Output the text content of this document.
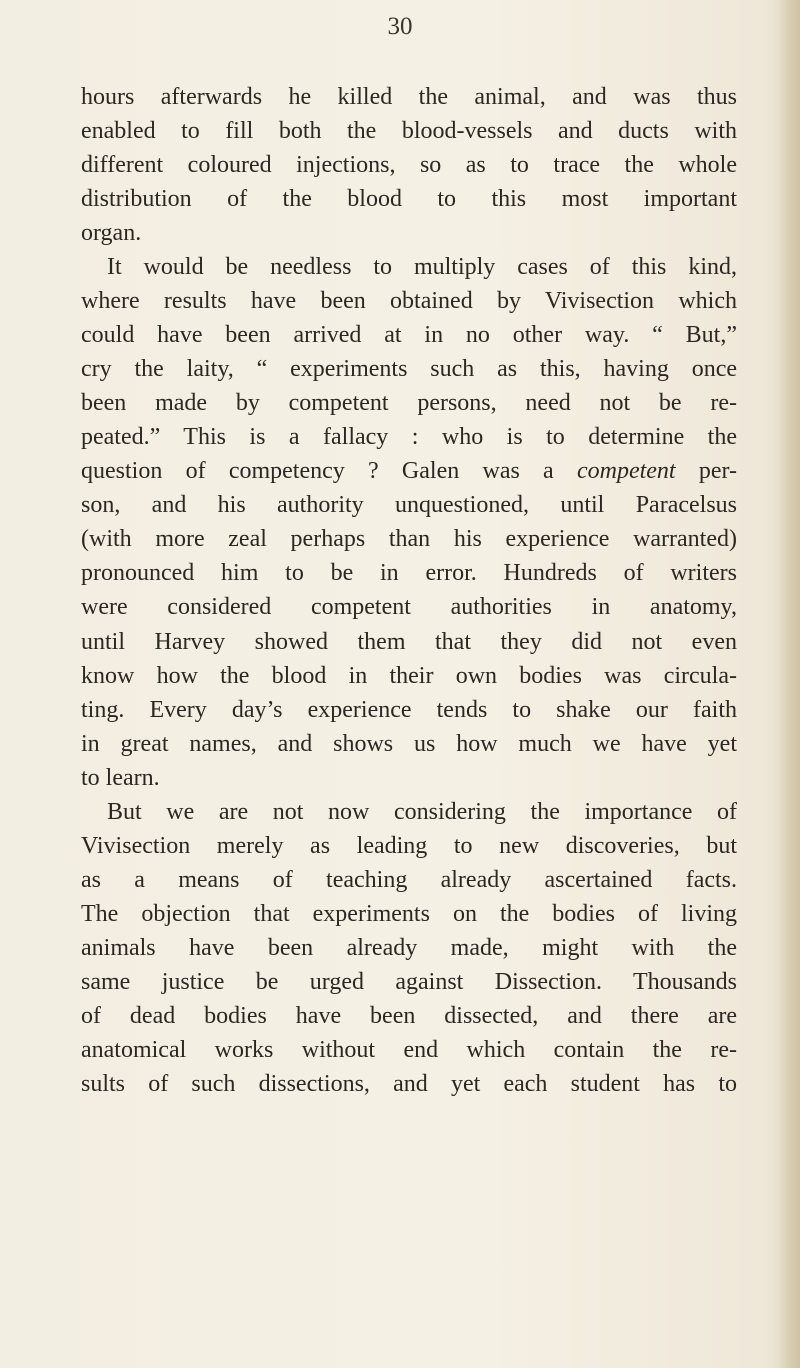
30
hours afterwards he killed the animal, and was thus
enabled to fill both the blood-vessels and ducts with
different coloured injections, so as to trace the whole
distribution of the blood to this most important
organ.
It would be needless to multiply cases of this kind,
where results have been obtained by Vivisection which
could have been arrived at in no other way. “ But,”
cry the laity, “ experiments such as this, having once
been made by competent persons, need not be re-
peated.” This is a fallacy : who is to determine the
question of competency ? Galen was a competent per-
son, and his authority unquestioned, until Paracelsus
(with more zeal perhaps than his experience warranted)
pronounced him to be in error. Hundreds of writers
were considered competent authorities in anatomy,
until Harvey showed them that they did not even
know how the blood in their own bodies was circula-
ting. Every day’s experience tends to shake our faith
in great names, and shows us how much we have yet
to learn.
But we are not now considering the importance of
Vivisection merely as leading to new discoveries, but
as a means of teaching already ascertained facts.
The objection that experiments on the bodies of living
animals have been already made, might with the
same justice be urged against Dissection. Thousands
of dead bodies have been dissected, and there are
anatomical works without end which contain the re-
sults of such dissections, and yet each student has to
